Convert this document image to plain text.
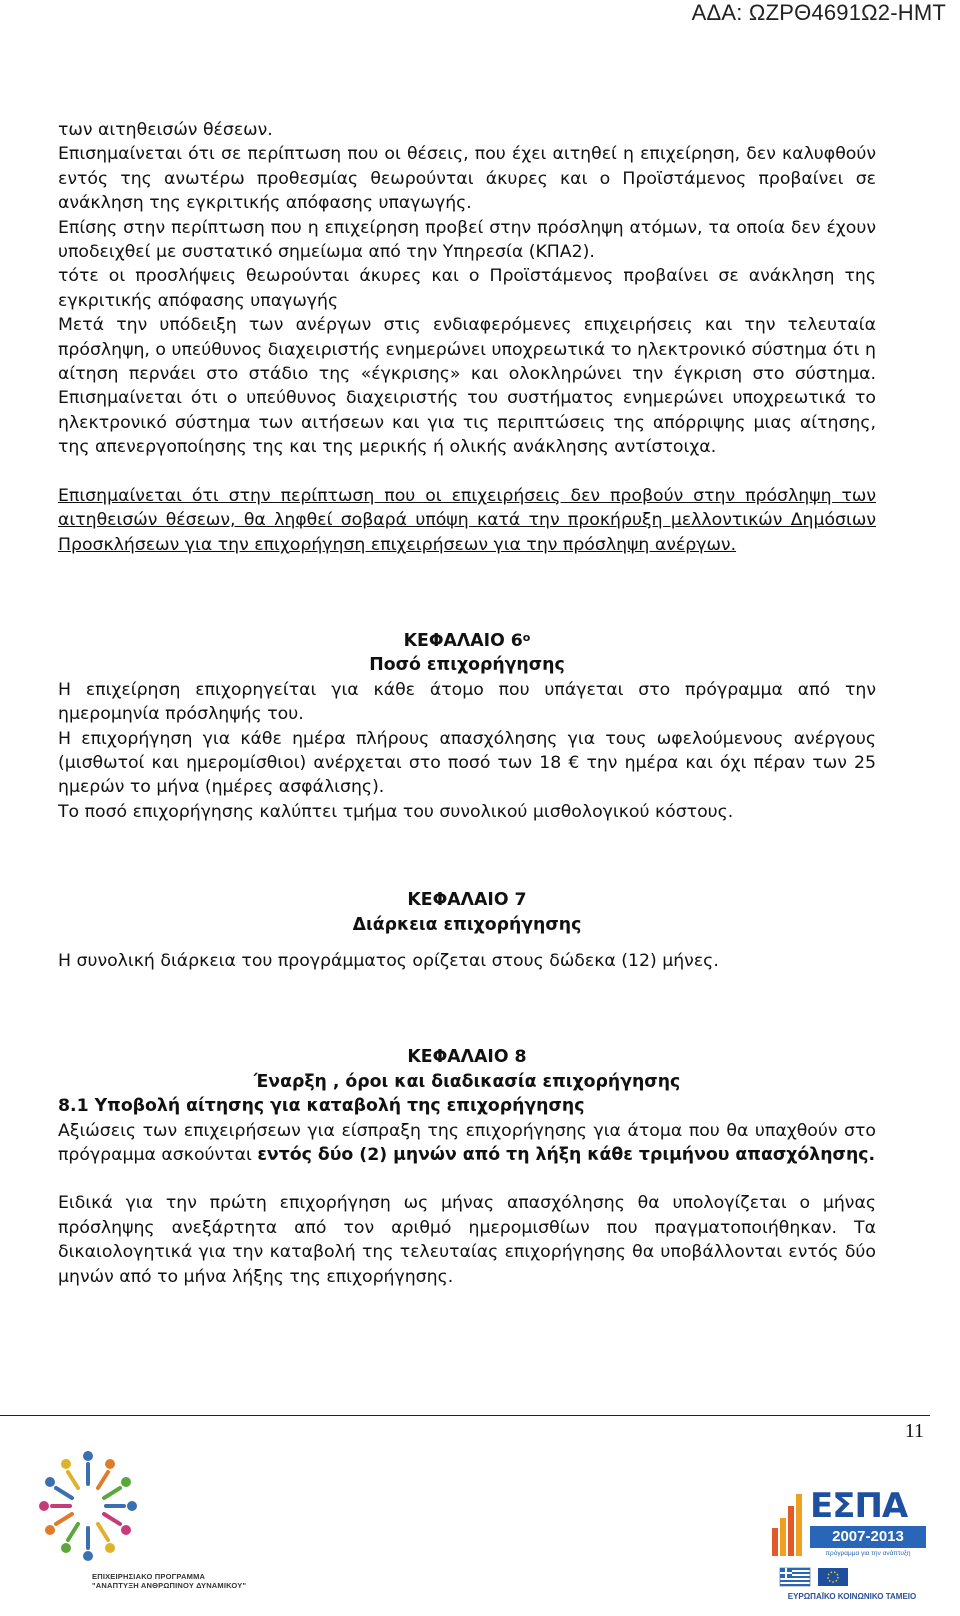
ΑΔΑ: ΩΖΡΘ4691Ω2-ΗΜΤ

των αιτηθεισών θέσεων.

Επισημαίνεται ότι σε περίπτωση που οι θέσεις, που έχει αιτηθεί η επιχείρηση, δεν καλυφθούν εντός της ανωτέρω προθεσμίας θεωρούνται άκυρες και ο Προϊστάμενος προβαίνει σε ανάκληση της εγκριτικής απόφασης υπαγωγής.

Επίσης στην περίπτωση που η επιχείρηση προβεί στην πρόσληψη ατόμων, τα οποία δεν έχουν υποδειχθεί με συστατικό σημείωμα από την Υπηρεσία (ΚΠΑ2).

τότε οι προσλήψεις θεωρούνται άκυρες και ο Προϊστάμενος προβαίνει σε ανάκληση της εγκριτικής απόφασης υπαγωγής

Μετά την υπόδειξη των ανέργων στις ενδιαφερόμενες επιχειρήσεις και την τελευταία πρόσληψη, ο υπεύθυνος διαχειριστής ενημερώνει υποχρεωτικά το ηλεκτρονικό σύστημα ότι η αίτηση περνάει στο στάδιο της «έγκρισης» και ολοκληρώνει την έγκριση στο σύστημα. Επισημαίνεται ότι ο υπεύθυνος διαχειριστής του συστήματος ενημερώνει υποχρεωτικά το ηλεκτρονικό σύστημα των αιτήσεων και για τις περιπτώσεις της απόρριψης μιας αίτησης, της απενεργοποίησης της και της μερικής ή ολικής ανάκλησης αντίστοιχα.

Επισημαίνεται ότι στην περίπτωση που οι επιχειρήσεις δεν προβούν στην πρόσληψη των αιτηθεισών θέσεων, θα ληφθεί σοβαρά υπόψη κατά την προκήρυξη μελλοντικών Δημόσιων Προσκλήσεων για την επιχορήγηση επιχειρήσεων για την πρόσληψη ανέργων.

ΚΕΦΑΛΑΙΟ $6^o$

Ποσό επιχορήγησης

Η επιχείρηση επιχορηγείται για κάθε άτομο που υπάγεται στο πρόγραμμα από την ημερομηνία πρόσληψής του.

Η επιχορήγηση για κάθε ημέρα πλήρους απασχόλησης για τους ωφελούμενους ανέργους (μισθωτοί και ημερομίσθιοι) ανέρχεται στο ποσό των 18 € την ημέρα και όχι πέραν των 25 ημερών το μήνα (ημέρες ασφάλισης).

Το ποσό επιχορήγησης καλύπτει τμήμα του συνολικού μισθολογικού κόστους.

ΚΕΦΑΛΑΙΟ 7

Διάρκεια επιχορήγησης

Η συνολική διάρκεια του προγράμματος ορίζεται στους δώδεκα (12) μήνες.

ΚΕΦΑΛΑΙΟ 8

Έναρξη , όροι και διαδικασία επιχορήγησης

8.1 Υποβολή αίτησης για καταβολή της επιχορήγησης

Αξιώσεις των επιχειρήσεων για είσπραξη της επιχορήγησης για άτομα που θα υπαχθούν στο πρόγραμμα ασκούνται εντός δύο (2) μηνών από τη λήξη κάθε τριμήνου απασχόλησης.

Ειδικά για την πρώτη επιχορήγηση ως μήνας απασχόλησης θα υπολογίζεται ο μήνας πρόσληψης ανεξάρτητα από τον αριθμό ημερομισθίων που πραγματοποιήθηκαν. Τα δικαιολογητικά για την καταβολή της τελευταίας επιχορήγησης θα υποβάλλονται εντός δύο μηνών από το μήνα λήξης της επιχορήγησης.

11
ΕΠΙΧΕΙΡΗΣΙΑΚΟ ΠΡΟΓΡΑΜΜΑ
"ΑΝΑΠΤΥΞΗ ΑΝΘΡΩΠΙΝΟΥ ΔΥΝΑΜΙΚΟΥ"
ΕΣΠΑ
2007-2013
πρόγραμμα για την ανάπτυξη
ΕΥΡΩΠΑΪΚΟ ΚΟΙΝΩΝΙΚΟ ΤΑΜΕΙΟ
